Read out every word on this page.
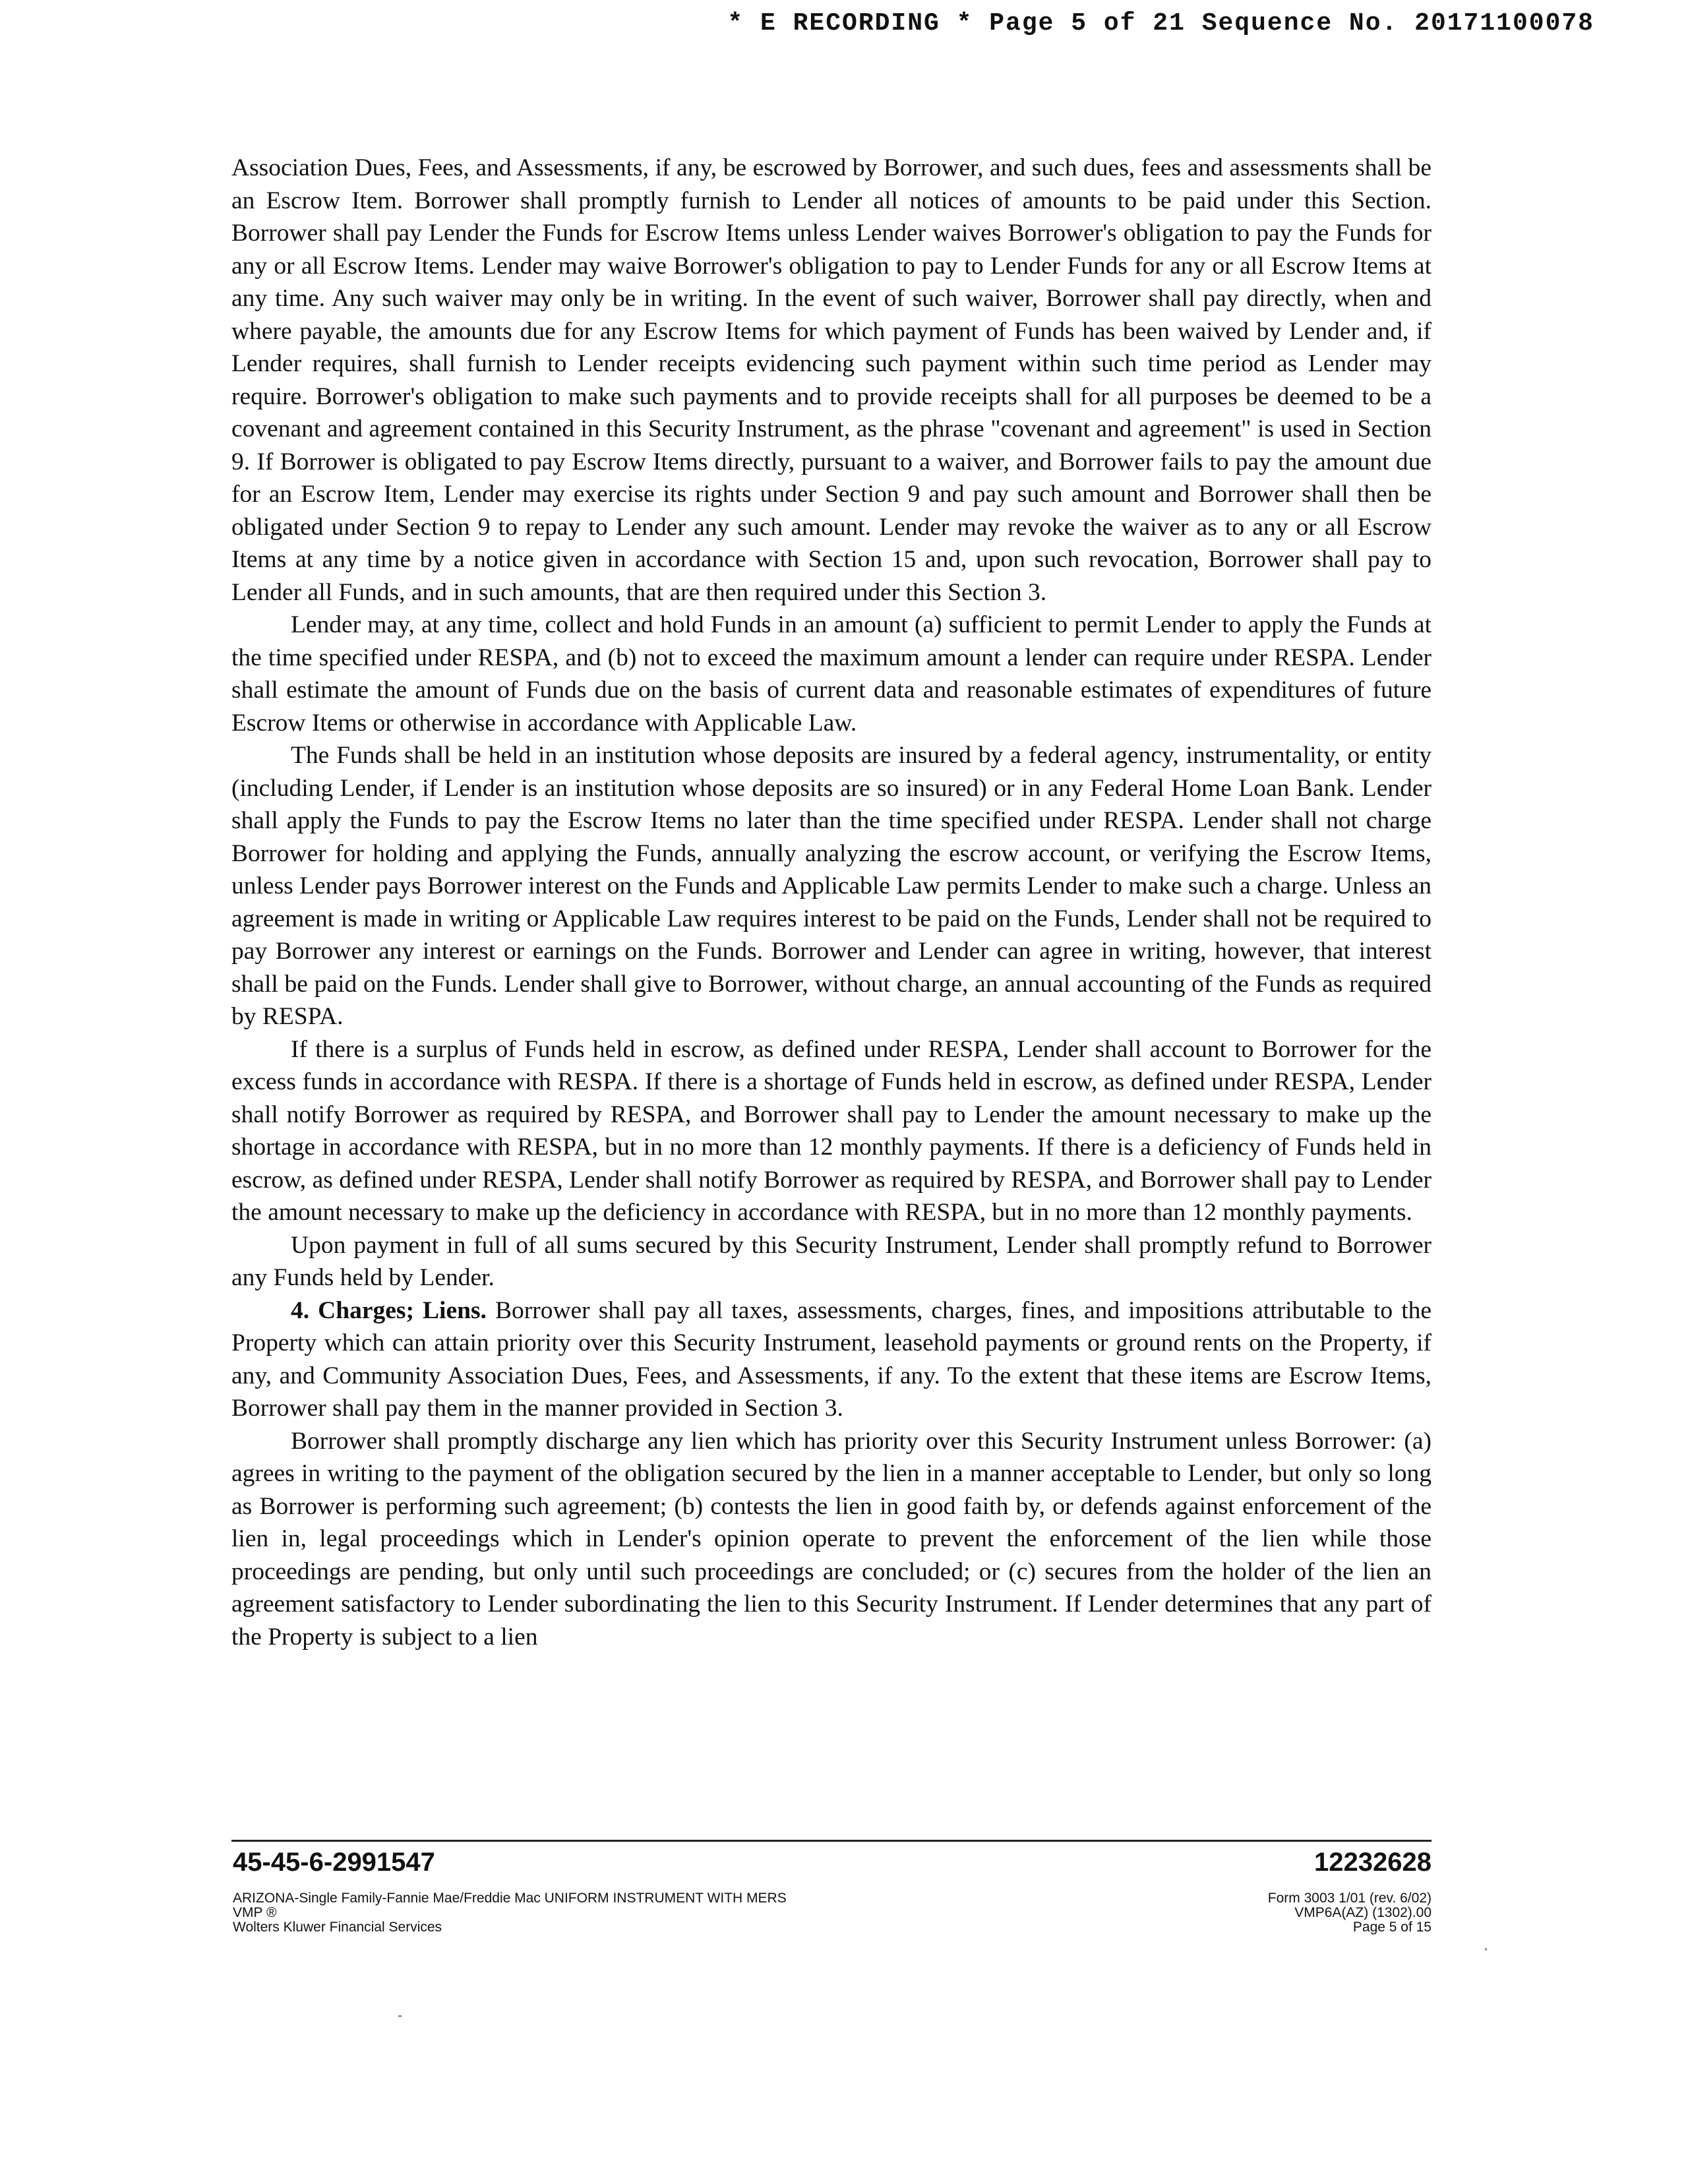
* E RECORDING * Page 5 of 21 Sequence No. 20171100078

Association Dues, Fees, and Assessments, if any, be escrowed by Borrower, and such dues, fees and assessments shall be an Escrow Item. Borrower shall promptly furnish to Lender all notices of amounts to be paid under this Section. Borrower shall pay Lender the Funds for Escrow Items unless Lender waives Borrower's obligation to pay the Funds for any or all Escrow Items. Lender may waive Borrower's obligation to pay to Lender Funds for any or all Escrow Items at any time. Any such waiver may only be in writing. In the event of such waiver, Borrower shall pay directly, when and where payable, the amounts due for any Escrow Items for which payment of Funds has been waived by Lender and, if Lender requires, shall furnish to Lender receipts evidencing such payment within such time period as Lender may require. Borrower's obligation to make such payments and to provide receipts shall for all purposes be deemed to be a covenant and agreement contained in this Security Instrument, as the phrase "covenant and agreement" is used in Section 9. If Borrower is obligated to pay Escrow Items directly, pursuant to a waiver, and Borrower fails to pay the amount due for an Escrow Item, Lender may exercise its rights under Section 9 and pay such amount and Borrower shall then be obligated under Section 9 to repay to Lender any such amount. Lender may revoke the waiver as to any or all Escrow Items at any time by a notice given in accordance with Section 15 and, upon such revocation, Borrower shall pay to Lender all Funds, and in such amounts, that are then required under this Section 3.

Lender may, at any time, collect and hold Funds in an amount (a) sufficient to permit Lender to apply the Funds at the time specified under RESPA, and (b) not to exceed the maximum amount a lender can require under RESPA. Lender shall estimate the amount of Funds due on the basis of current data and reasonable estimates of expenditures of future Escrow Items or otherwise in accordance with Applicable Law.

The Funds shall be held in an institution whose deposits are insured by a federal agency, instrumentality, or entity (including Lender, if Lender is an institution whose deposits are so insured) or in any Federal Home Loan Bank. Lender shall apply the Funds to pay the Escrow Items no later than the time specified under RESPA. Lender shall not charge Borrower for holding and applying the Funds, annually analyzing the escrow account, or verifying the Escrow Items, unless Lender pays Borrower interest on the Funds and Applicable Law permits Lender to make such a charge. Unless an agreement is made in writing or Applicable Law requires interest to be paid on the Funds, Lender shall not be required to pay Borrower any interest or earnings on the Funds. Borrower and Lender can agree in writing, however, that interest shall be paid on the Funds. Lender shall give to Borrower, without charge, an annual accounting of the Funds as required by RESPA.

If there is a surplus of Funds held in escrow, as defined under RESPA, Lender shall account to Borrower for the excess funds in accordance with RESPA. If there is a shortage of Funds held in escrow, as defined under RESPA, Lender shall notify Borrower as required by RESPA, and Borrower shall pay to Lender the amount necessary to make up the shortage in accordance with RESPA, but in no more than 12 monthly payments. If there is a deficiency of Funds held in escrow, as defined under RESPA, Lender shall notify Borrower as required by RESPA, and Borrower shall pay to Lender the amount necessary to make up the deficiency in accordance with RESPA, but in no more than 12 monthly payments.

Upon payment in full of all sums secured by this Security Instrument, Lender shall promptly refund to Borrower any Funds held by Lender.

4. Charges; Liens. Borrower shall pay all taxes, assessments, charges, fines, and impositions attributable to the Property which can attain priority over this Security Instrument, leasehold payments or ground rents on the Property, if any, and Community Association Dues, Fees, and Assessments, if any. To the extent that these items are Escrow Items, Borrower shall pay them in the manner provided in Section 3.

Borrower shall promptly discharge any lien which has priority over this Security Instrument unless Borrower: (a) agrees in writing to the payment of the obligation secured by the lien in a manner acceptable to Lender, but only so long as Borrower is performing such agreement; (b) contests the lien in good faith by, or defends against enforcement of the lien in, legal proceedings which in Lender's opinion operate to prevent the enforcement of the lien while those proceedings are pending, but only until such proceedings are concluded; or (c) secures from the holder of the lien an agreement satisfactory to Lender subordinating the lien to this Security Instrument. If Lender determines that any part of the Property is subject to a lien

45-45-6-2991547	12232628
ARIZONA-Single Family-Fannie Mae/Freddie Mac UNIFORM INSTRUMENT WITH MERS
VMP ®
Wolters Kluwer Financial Services
Form 3003 1/01 (rev. 6/02)
VMP6A(AZ) (1302).00
Page 5 of 15
